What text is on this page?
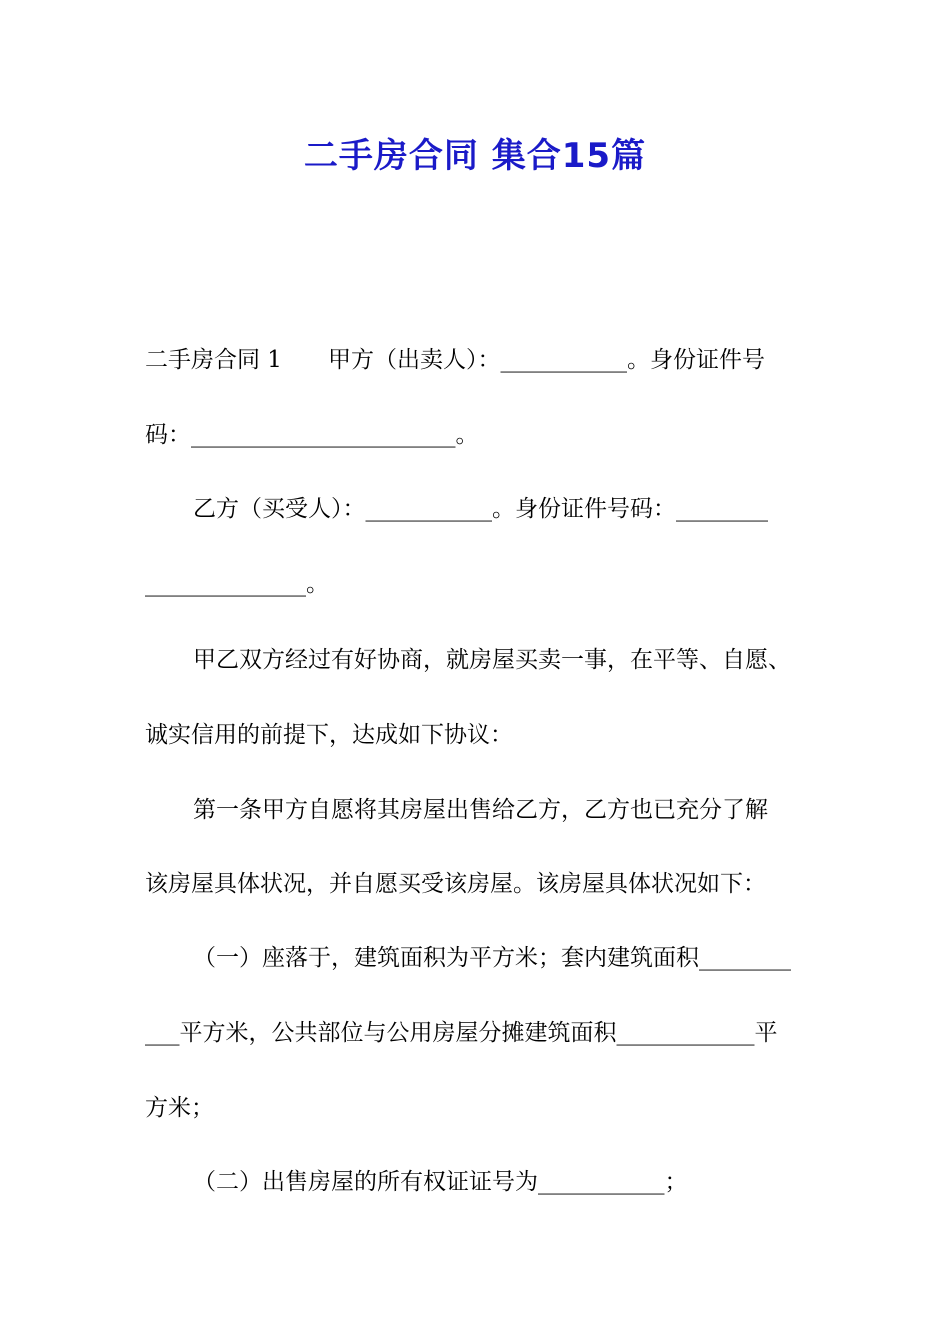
二手房合同 集合15篇
二手房合同 1　　甲方（出卖人）：___________。身份证件号
码：_______________________。
乙方（买受人）：___________。身份证件号码：________
______________。
甲乙双方经过有好协商，就房屋买卖一事，在平等、自愿、
诚实信用的前提下，达成如下协议：
第一条甲方自愿将其房屋出售给乙方，乙方也已充分了解
该房屋具体状况，并自愿买受该房屋。该房屋具体状况如下：
（一）座落于，建筑面积为平方米；套内建筑面积________
___平方米，公共部位与公用房屋分摊建筑面积____________平
方米；
（二）出售房屋的所有权证证号为___________；
